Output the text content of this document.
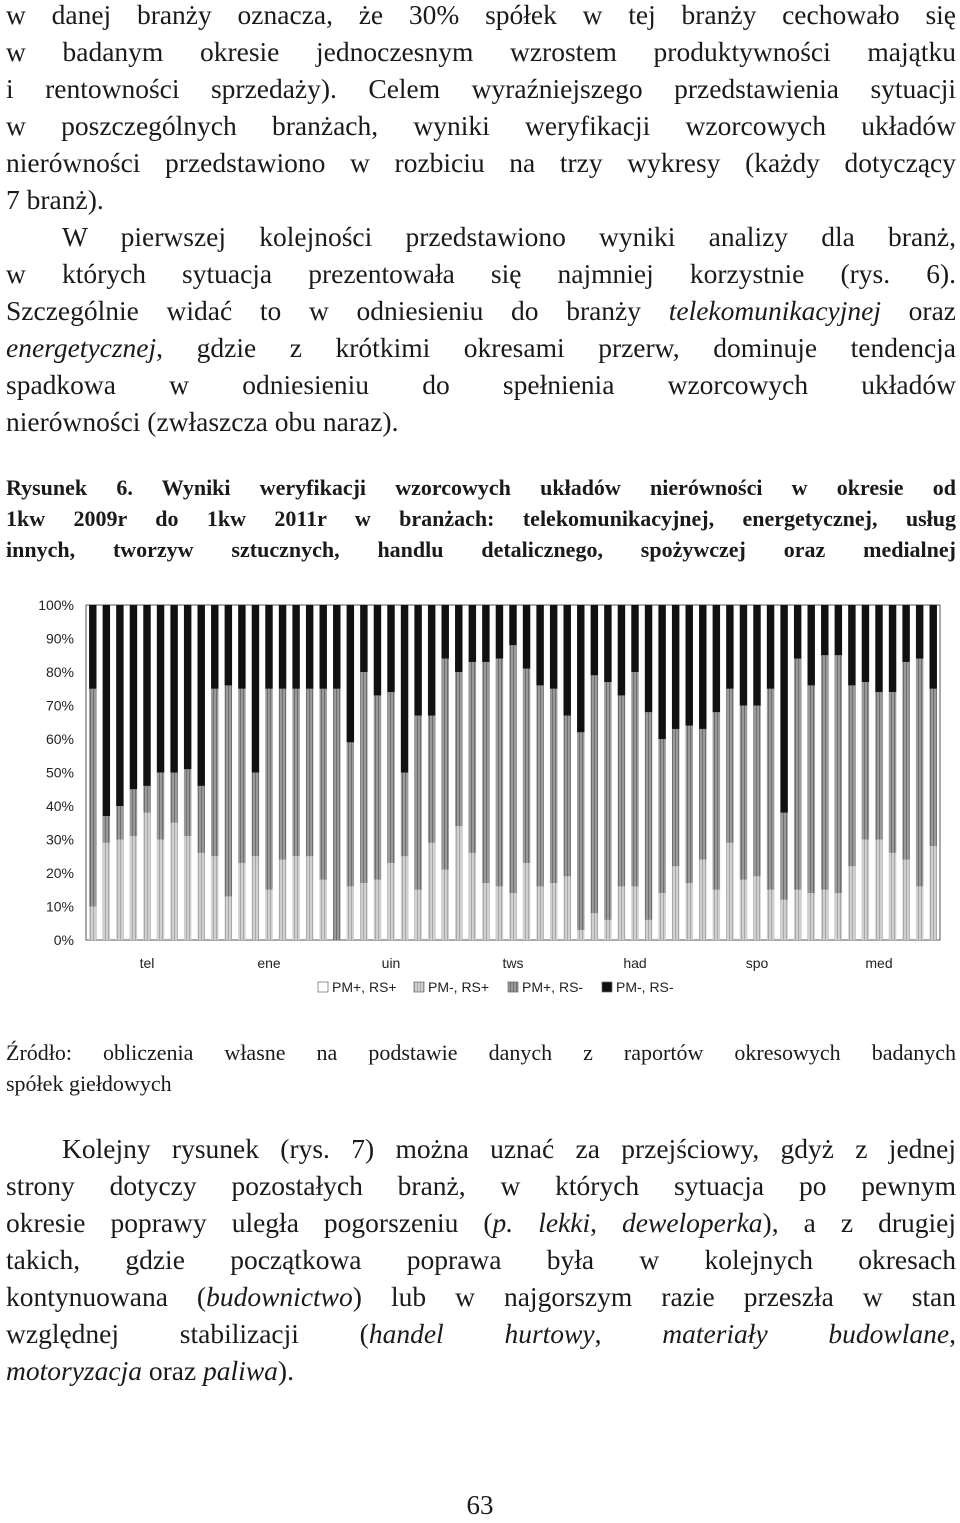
w danej branży oznacza, że 30% spółek w tej branży cechowało się
w badanym okresie jednoczesnym wzrostem produktywności majątku
i rentowności sprzedaży). Celem wyraźniejszego przedstawienia sytuacji
w poszczególnych branżach, wyniki weryfikacji wzorcowych układów
nierówności przedstawiono w rozbiciu na trzy wykresy (każdy dotyczący
7 branż).
W pierwszej kolejności przedstawiono wyniki analizy dla branż,
w których sytuacja prezentowała się najmniej korzystnie (rys. 6).
Szczególnie widać to w odniesieniu do branży telekomunikacyjnej oraz
energetycznej, gdzie z krótkimi okresami przerw, dominuje tendencja
spadkowa w odniesieniu do spełnienia wzorcowych układów
nierówności (zwłaszcza obu naraz).
Rysunek 6. Wyniki weryfikacji wzorcowych układów nierówności w okresie od
1kw 2009r do 1kw 2011r w branżach: telekomunikacyjnej, energetycznej, usług
innych, tworzyw sztucznych, handlu detalicznego, spożywczej oraz medialnej
0%
10%
20%
30%
40%
50%
60%
70%
80%
90%
100%
tel	ene	uin	tws	had	spo	med
PM+, RS+ PM-, RS+ PM+, RS- PM-, RS-
Źródło: obliczenia własne na podstawie danych z raportów okresowych badanych
spółek giełdowych
Kolejny rysunek (rys. 7) można uznać za przejściowy, gdyż z jednej
strony dotyczy pozostałych branż, w których sytuacja po pewnym
okresie poprawy uległa pogorszeniu (p. lekki, deweloperka), a z drugiej
takich, gdzie początkowa poprawa była w kolejnych okresach
kontynuowana (budownictwo) lub w najgorszym razie przeszła w stan
względnej stabilizacji (handel hurtowy, materiały budowlane,
motoryzacja oraz paliwa).
63
